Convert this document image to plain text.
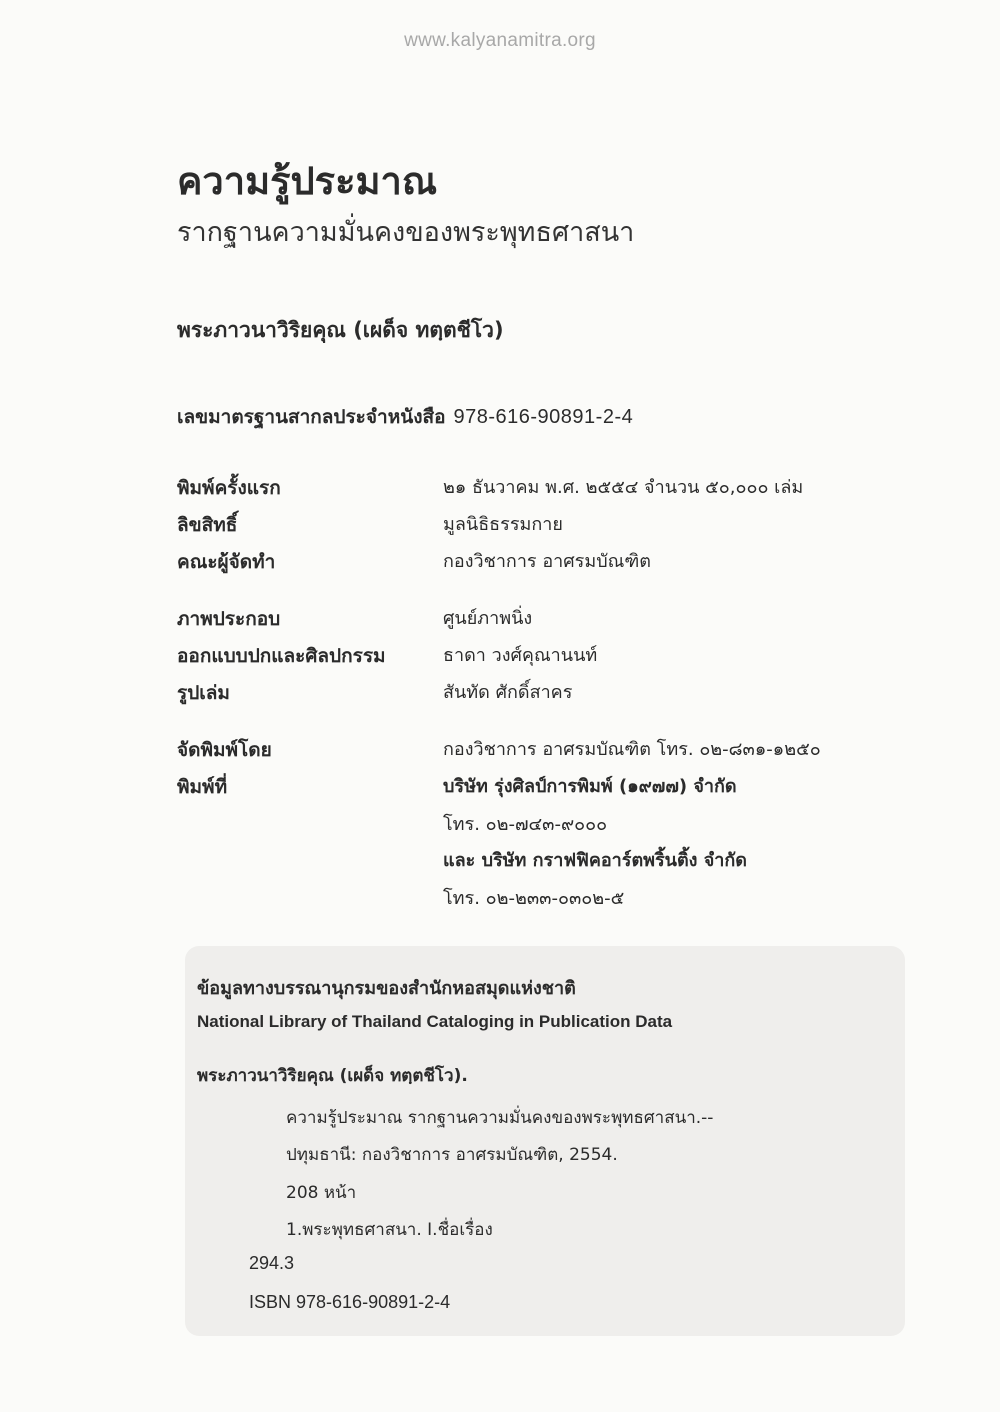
www.kalyanamitra.org
ความรู้ประมาณ
รากฐานความมั่นคงของพระพุทธศาสนา
พระภาวนาวิริยคุณ (เผด็จ ทตฺตชีโว)
เลขมาตรฐานสากลประจำหนังสือ 978-616-90891-2-4
พิมพ์ครั้งแรก	๒๑ ธันวาคม พ.ศ. ๒๕๕๔ จำนวน ๕๐,๐๐๐ เล่ม
ลิขสิทธิ์	มูลนิธิธรรมกาย
คณะผู้จัดทำ	กองวิชาการ อาศรมบัณฑิต
ภาพประกอบ	ศูนย์ภาพนิ่ง
ออกแบบปกและศิลปกรรม	ธาดา วงศ์คุณานนท์
รูปเล่ม	สันทัด ศักดิ์สาคร
จัดพิมพ์โดย	กองวิชาการ อาศรมบัณฑิต โทร. ๐๒-๘๓๑-๑๒๕๐
พิมพ์ที่	บริษัท รุ่งศิลป์การพิมพ์ (๑๙๗๗) จำกัด
โทร. ๐๒-๗๔๓-๙๐๐๐
และ บริษัท กราฟฟิคอาร์ตพริ้นติ้ง จำกัด
โทร. ๐๒-๒๓๓-๐๓๐๒-๕
ข้อมูลทางบรรณานุกรมของสำนักหอสมุดแห่งชาติ
National Library of Thailand Cataloging in Publication Data
พระภาวนาวิริยคุณ (เผด็จ ทตฺตชีโว).
ความรู้ประมาณ รากฐานความมั่นคงของพระพุทธศาสนา.--
ปทุมธานี: กองวิชาการ อาศรมบัณฑิต, 2554.
208 หน้า
1.พระพุทธศาสนา. I.ชื่อเรื่อง
294.3
ISBN 978-616-90891-2-4
